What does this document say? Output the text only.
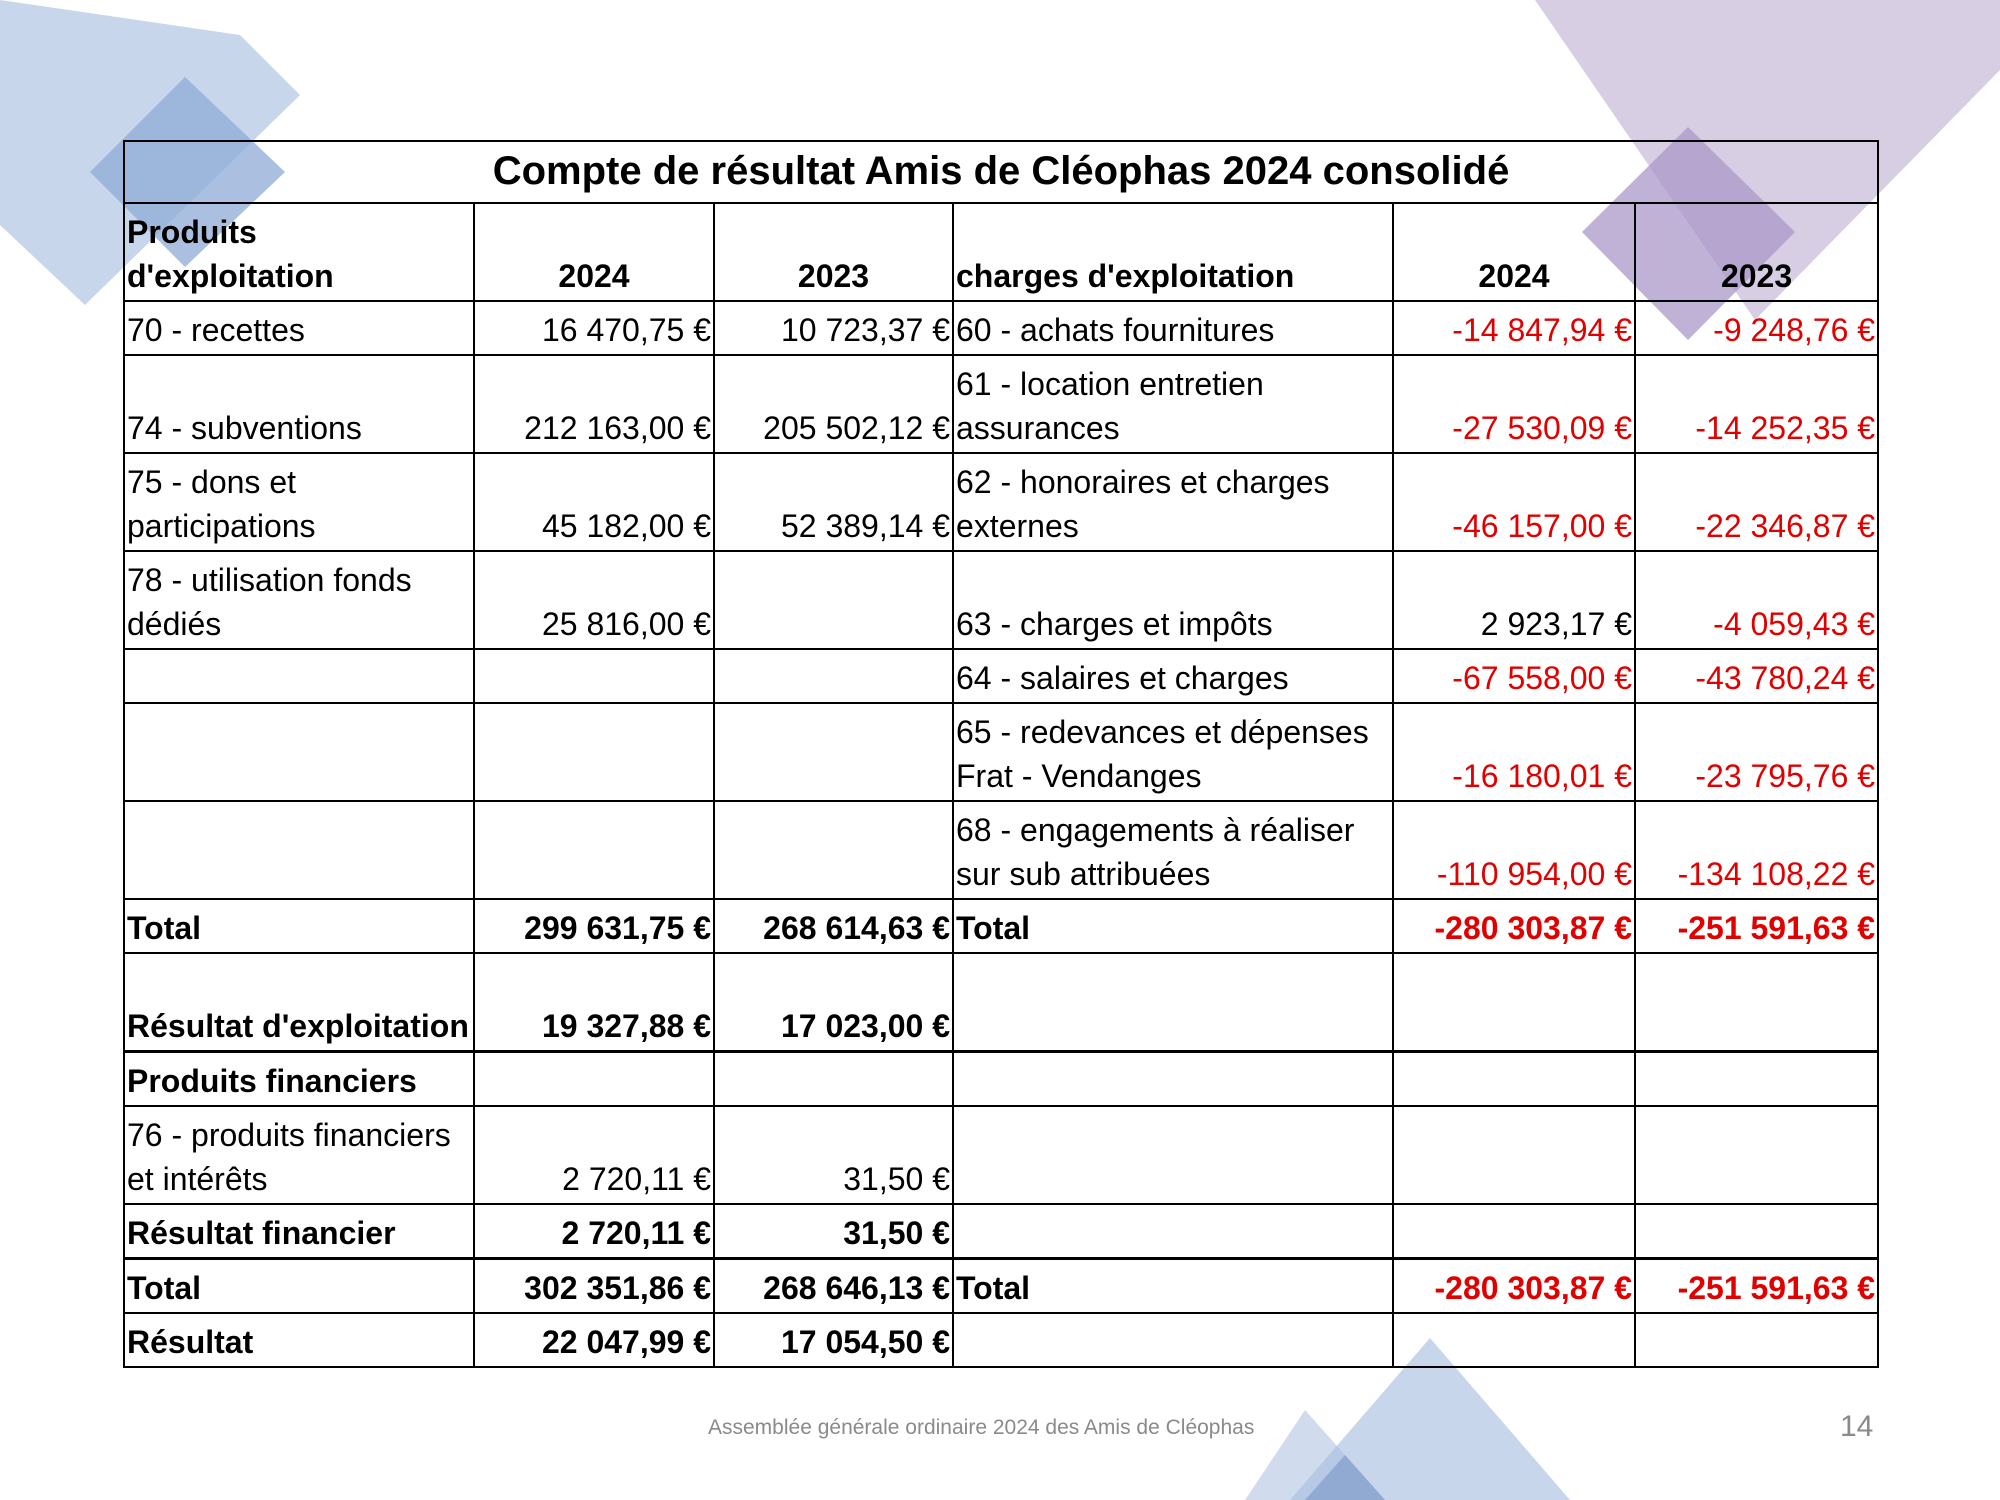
Compte de résultat Amis de Cléophas 2024 consolidé					
Produits d'exploitation	2024	2023	charges d'exploitation	2024	2023
70 - recettes	16 470,75 €	10 723,37 €	60 - achats fournitures	-14 847,94 €	-9 248,76 €
74 - subventions	212 163,00 €	205 502,12 €	61 - location entretien assurances	-27 530,09 €	-14 252,35 €
75 - dons et participations	45 182,00 €	52 389,14 €	62 - honoraires et charges externes	-46 157,00 €	-22 346,87 €
78 - utilisation fonds dédiés	25 816,00 €		63 - charges et impôts	2 923,17 €	-4 059,43 €
			64 - salaires et charges	-67 558,00 €	-43 780,24 €
			65 - redevances et dépenses Frat - Vendanges	-16 180,01 €	-23 795,76 €
			68 - engagements à réaliser sur sub attribuées	-110 954,00 €	-134 108,22 €
Total	299 631,75 €	268 614,63 €	Total	-280 303,87 €	-251 591,63 €
Résultat d'exploitation	19 327,88 €	17 023,00 €			
Produits financiers					
76 - produits financiers et intérêts	2 720,11 €	31,50 €			
Résultat financier	2 720,11 €	31,50 €			
Total	302 351,86 €	268 646,13 €	Total	-280 303,87 €	-251 591,63 €
Résultat	22 047,99 €	17 054,50 €			
Assemblée générale ordinaire 2024 des Amis de Cléophas	14
